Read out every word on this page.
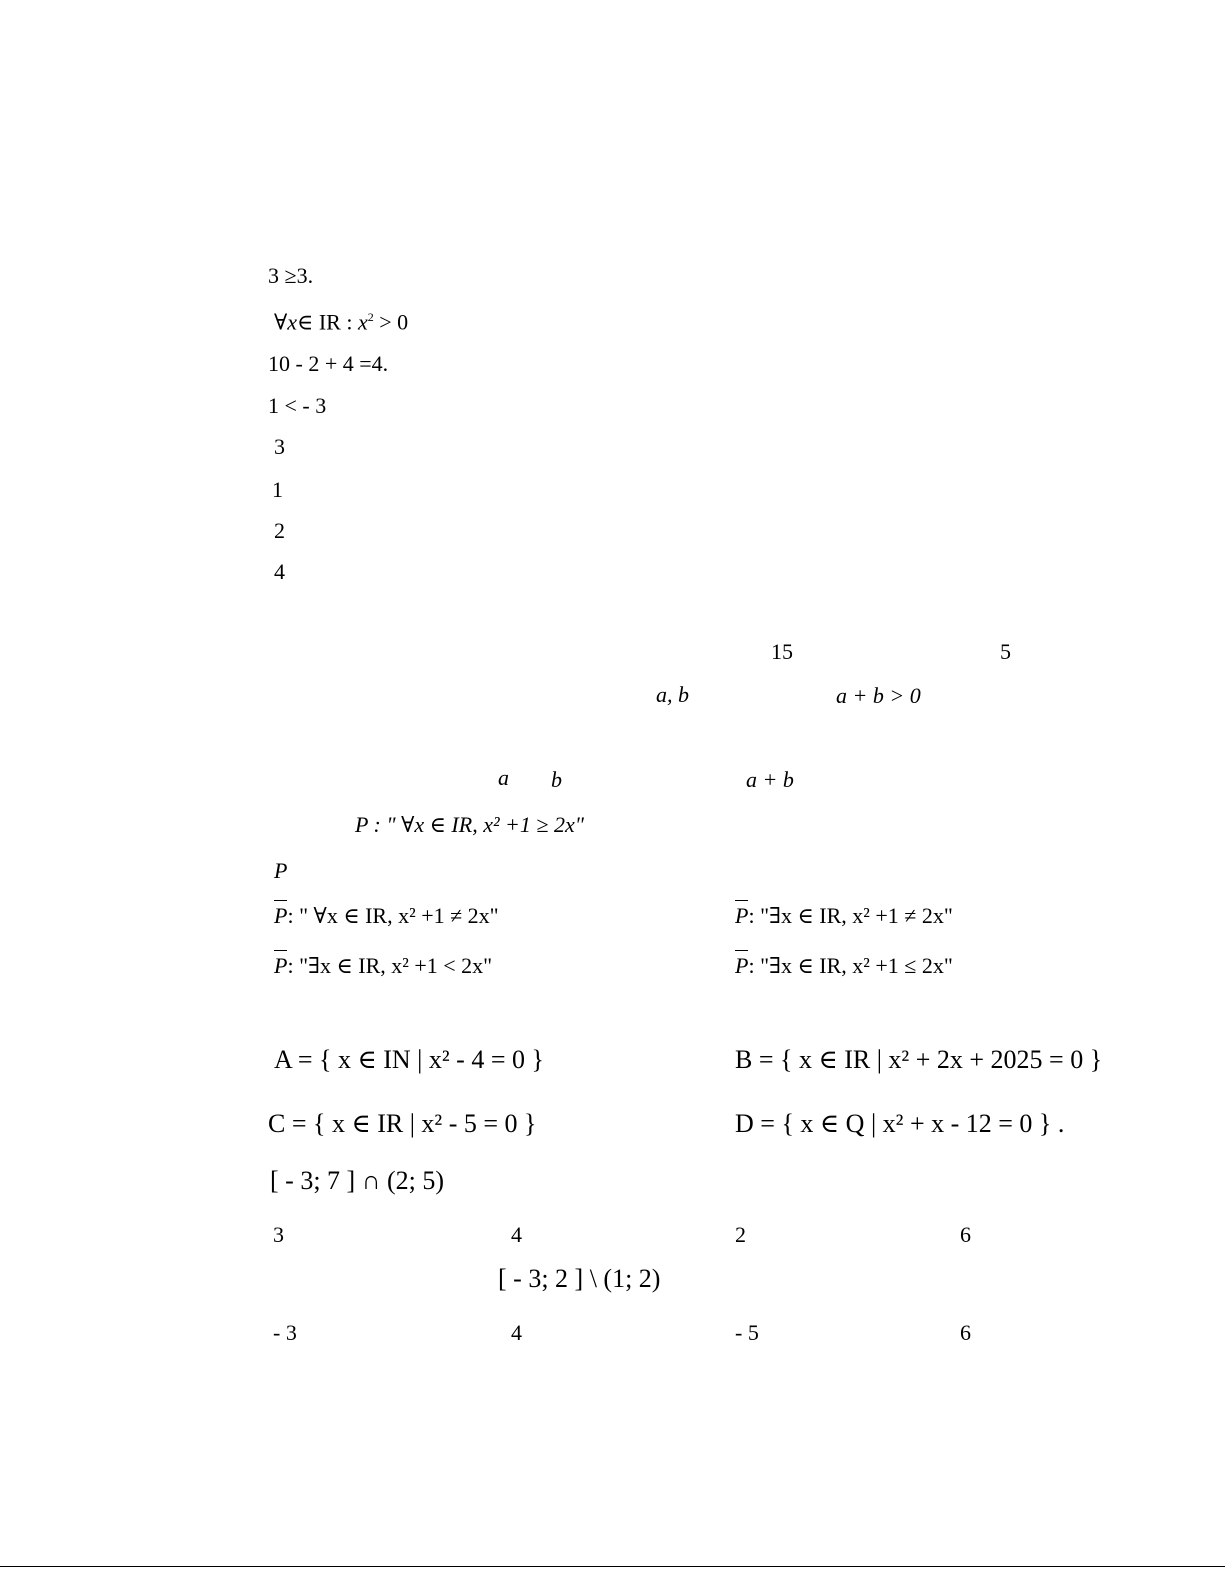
3 ≥3.
∀x∈ IR : $x^2 > 0$
10 - 2 + 4 =4.
1 < - 3
3
1
2
4
15	5
a, b	a + b > 0
a b	a + b
P : " ∀x ∈ IR, x² +1 ≥ 2x"
P
P: " ∀x ∈ IR, x² +1 ≠ 2x"	P: "∃x ∈ IR, x² +1 ≠ 2x"
P: "∃x ∈ IR, x² +1 < 2x"	P: "∃x ∈ IR, x² +1 ≤ 2x"
A = { x ∈ IN | x² - 4 = 0 }	B = { x ∈ IR | x² + 2x + 2025 = 0 }
C = { x ∈ IR | x² - 5 = 0 }	D = { x ∈ Q | x² + x - 12 = 0 } .
[ - 3; 7 ] ∩ (2; 5)
3	4	2	6
[ - 3; 2 ] \ (1; 2)
- 3	4	- 5	6
